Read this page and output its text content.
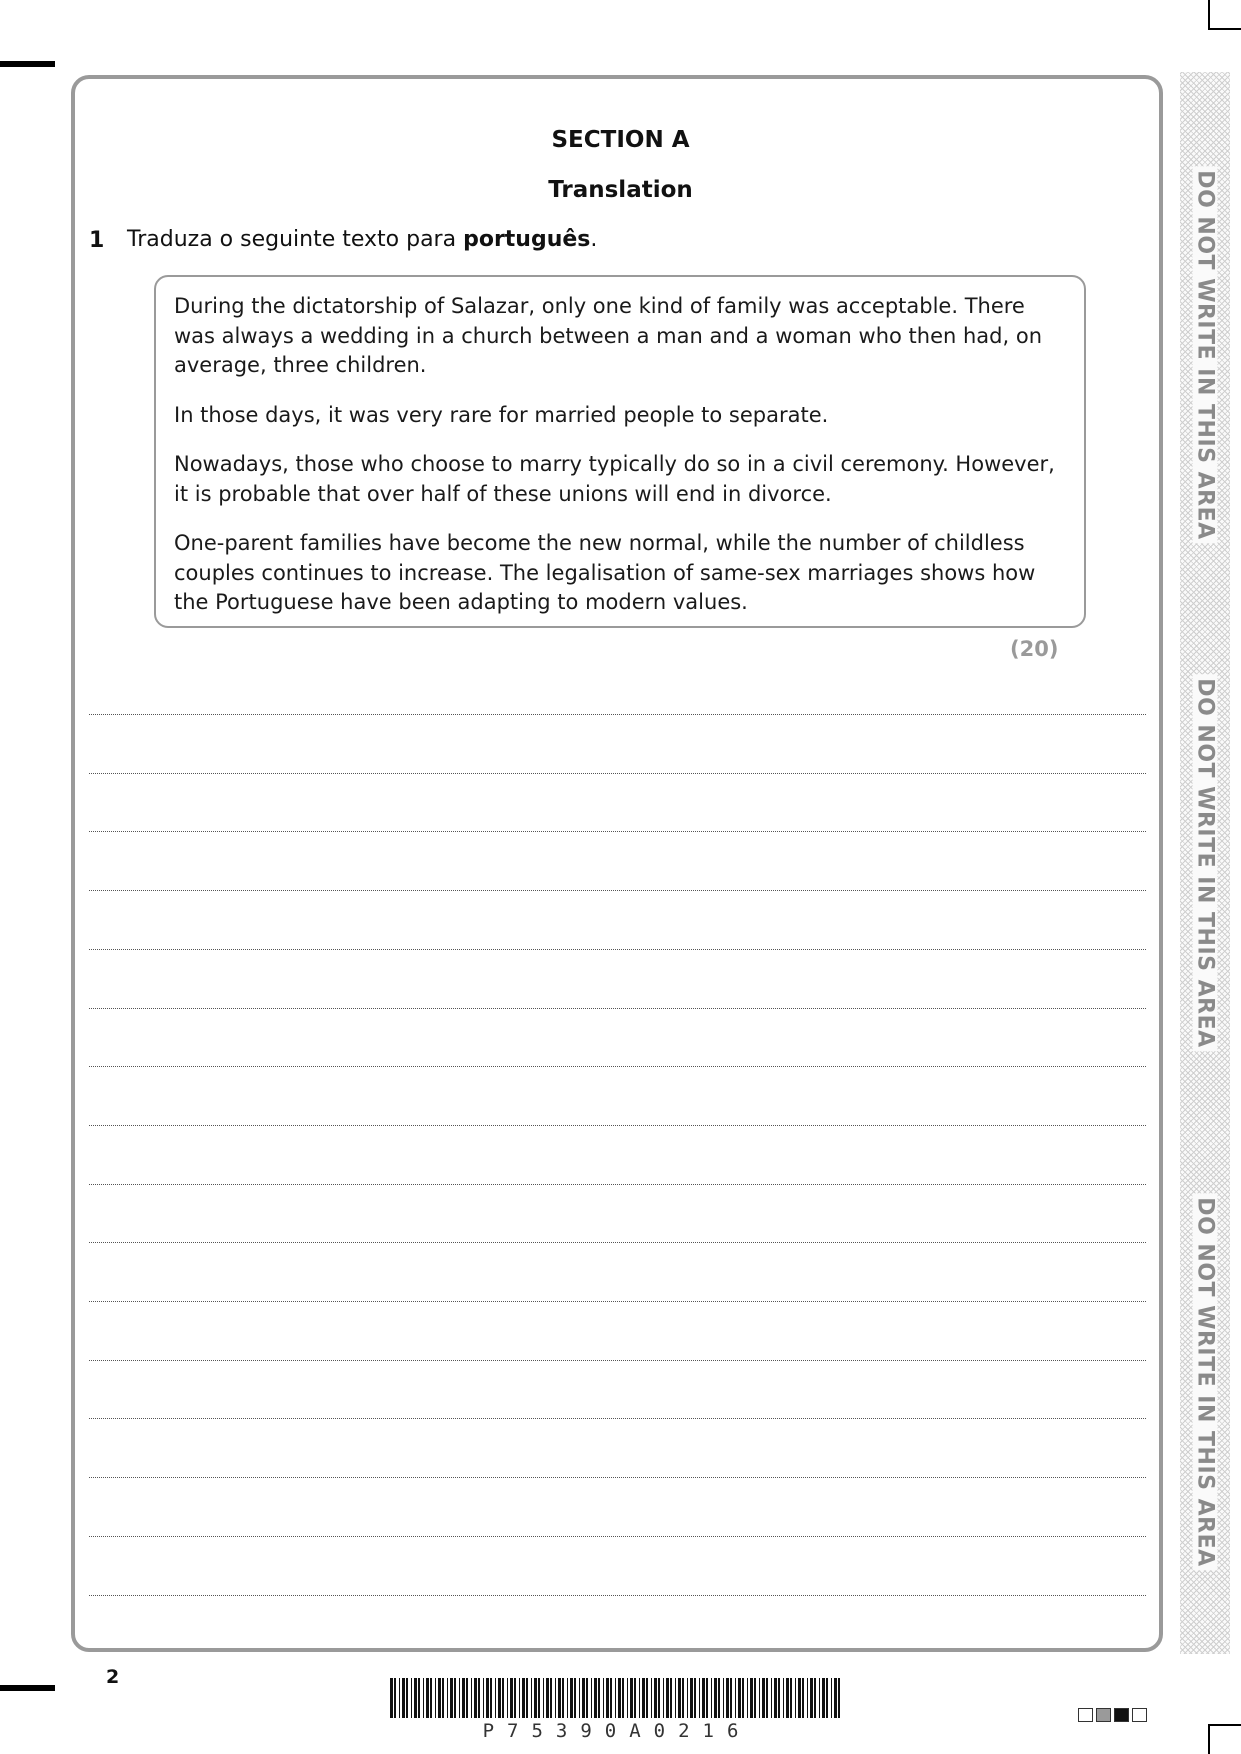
DO NOT WRITE IN THIS AREA
DO NOT WRITE IN THIS AREA
DO NOT WRITE IN THIS AREA
SECTION A
Translation
1 Traduza o seguinte texto para português.

During the dictatorship of Salazar, only one kind of family was acceptable. There was always a wedding in a church between a man and a woman who then had, on average, three children.

In those days, it was very rare for married people to separate.

Nowadays, those who choose to marry typically do so in a civil ceremony. However, it is probable that over half of these unions will end in divorce.

One-parent families have become the new normal, while the number of childless couples continues to increase. The legalisation of same-sex marriages shows how the Portuguese have been adapting to modern values.

(20)
2
P75390A0216
